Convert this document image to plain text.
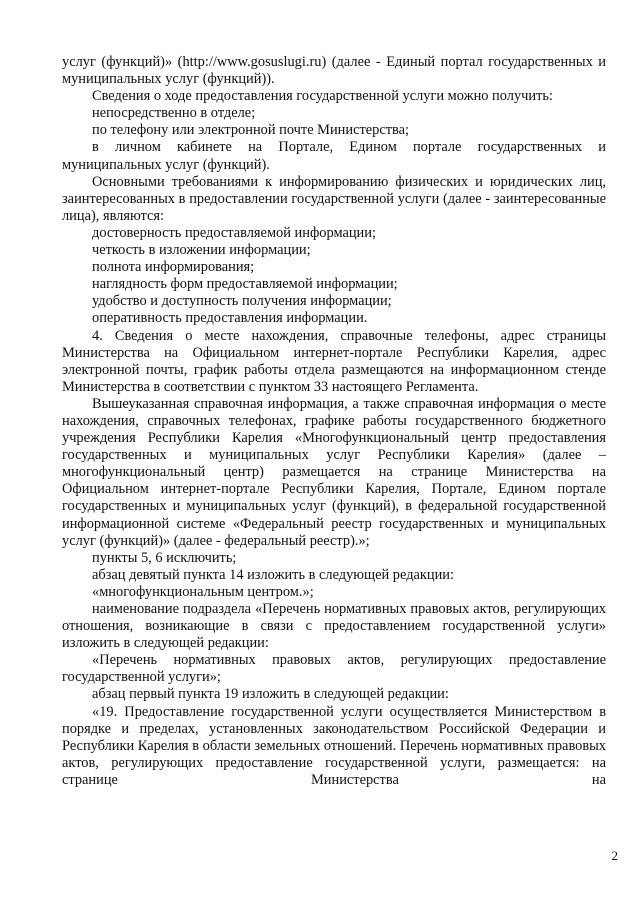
услуг (функций)» (http://www.gosuslugi.ru) (далее - Единый портал государственных и муниципальных услуг (функций)).

Сведения о ходе предоставления государственной услуги можно получить:

непосредственно в отделе;

по телефону или электронной почте Министерства;

в личном кабинете на Портале, Едином портале государственных и муниципальных услуг (функций).

Основными требованиями к информированию физических и юридических лиц, заинтересованных в предоставлении государственной услуги (далее - заинтересованные лица), являются:

достоверность предоставляемой информации;

четкость в изложении информации;

полнота информирования;

наглядность форм предоставляемой информации;

удобство и доступность получения информации;

оперативность предоставления информации.

4. Сведения о месте нахождения, справочные телефоны, адрес страницы Министерства на Официальном интернет-портале Республики Карелия, адрес электронной почты, график работы отдела размещаются на информационном стенде Министерства в соответствии с пунктом 33 настоящего Регламента.

Вышеуказанная справочная информация, а также справочная информация о месте нахождения, справочных телефонах, графике работы государственного бюджетного учреждения Республики Карелия «Многофункциональный центр предоставления государственных и муниципальных услуг Республики Карелия» (далее – многофункциональный центр) размещается на странице Министерства на Официальном интернет-портале Республики Карелия, Портале, Едином портале государственных и муниципальных услуг (функций), в федеральной государственной информационной системе «Федеральный реестр государственных и муниципальных услуг (функций)» (далее - федеральный реестр).»;

пункты 5, 6 исключить;

абзац девятый пункта 14 изложить в следующей редакции:

«многофункциональным центром.»;

наименование подраздела «Перечень нормативных правовых актов, регулирующих отношения, возникающие в связи с предоставлением государственной услуги» изложить в следующей редакции:

«Перечень нормативных правовых актов, регулирующих предоставление государственной услуги»;

абзац первый пункта 19 изложить в следующей редакции:

«19. Предоставление государственной услуги осуществляется Министерством в порядке и пределах, установленных законодательством Российской Федерации и Республики Карелия в области земельных отношений. Перечень нормативных правовых актов, регулирующих предоставление государственной услуги, размещается: на странице Министерства на

2
